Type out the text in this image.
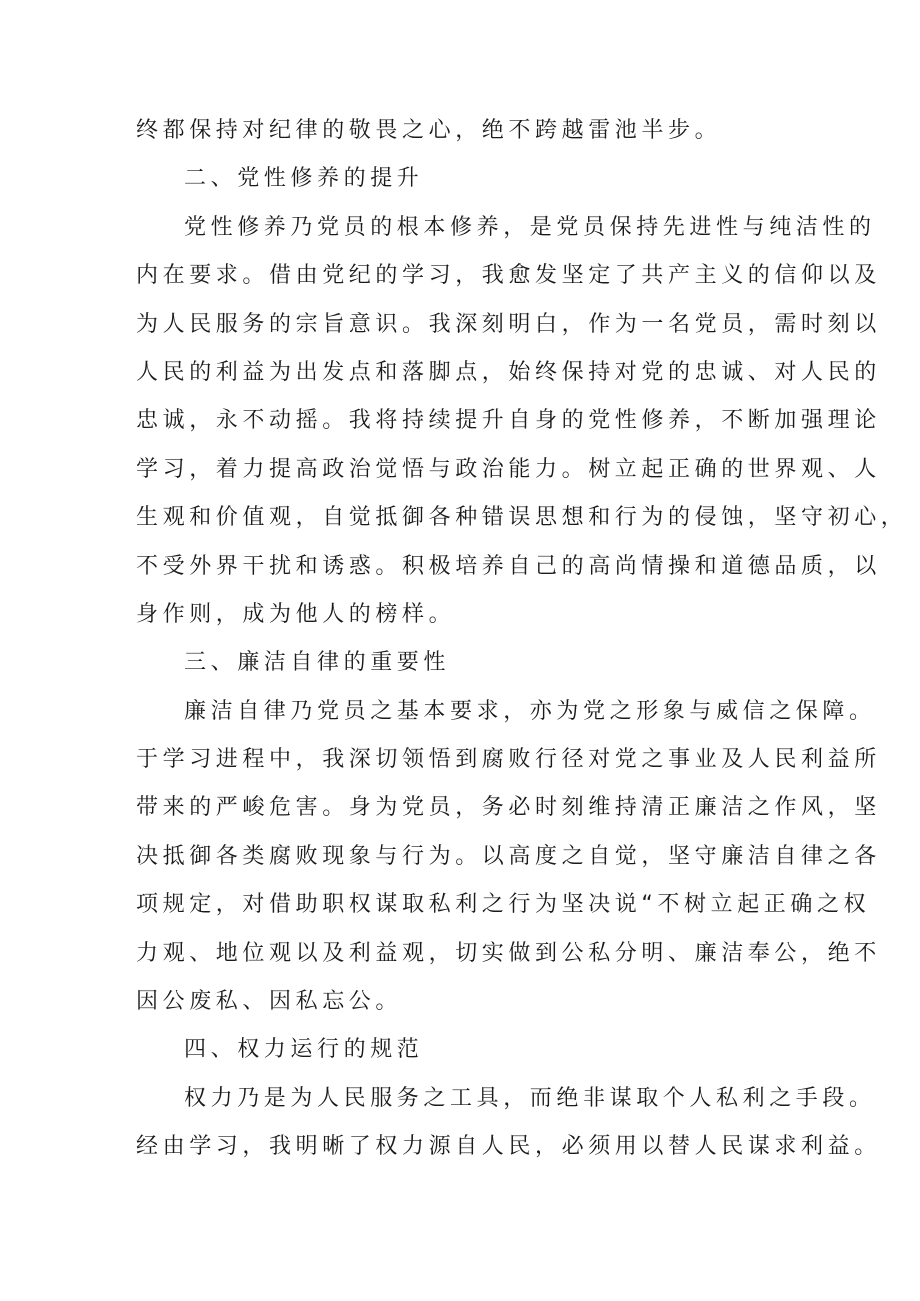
终都保持对纪律的敬畏之心，绝不跨越雷池半步。
二、党性修养的提升
党性修养乃党员的根本修养，是党员保持先进性与纯洁性的
内在要求。借由党纪的学习，我愈发坚定了共产主义的信仰以及
为人民服务的宗旨意识。我深刻明白，作为一名党员，需时刻以
人民的利益为出发点和落脚点，始终保持对党的忠诚、对人民的
忠诚，永不动摇。我将持续提升自身的党性修养，不断加强理论
学习，着力提高政治觉悟与政治能力。树立起正确的世界观、人
生观和价值观，自觉抵御各种错误思想和行为的侵蚀，坚守初心，
不受外界干扰和诱惑。积极培养自己的高尚情操和道德品质，以
身作则，成为他人的榜样。
三、廉洁自律的重要性
廉洁自律乃党员之基本要求，亦为党之形象与威信之保障。
于学习进程中，我深切领悟到腐败行径对党之事业及人民利益所
带来的严峻危害。身为党员，务必时刻维持清正廉洁之作风，坚
决抵御各类腐败现象与行为。以高度之自觉，坚守廉洁自律之各
项规定，对借助职权谋取私利之行为坚决说“不树立起正确之权
力观、地位观以及利益观，切实做到公私分明、廉洁奉公，绝不
因公废私、因私忘公。
四、权力运行的规范
权力乃是为人民服务之工具，而绝非谋取个人私利之手段。
经由学习，我明晰了权力源自人民，必须用以替人民谋求利益。
